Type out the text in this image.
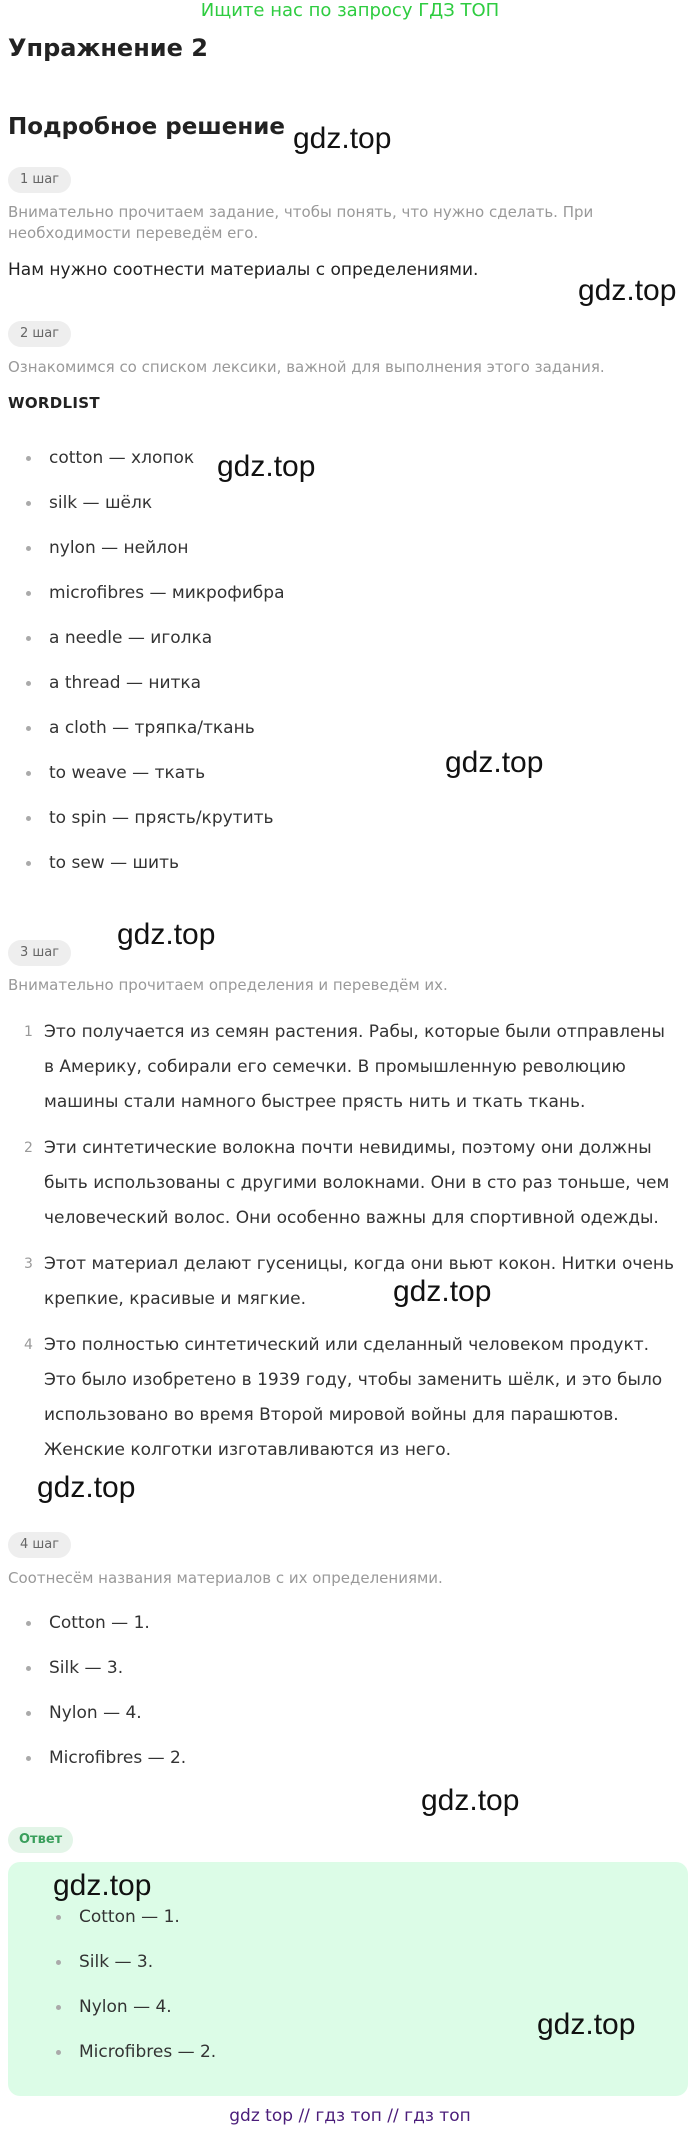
Ищите нас по запросу ГДЗ ТОП
Упражнение 2
Подробное решение
1 шаг
Внимательно прочитаем задание, чтобы понять, что нужно сделать. При необходимости переведём его.
Нам нужно соотнести материалы с определениями.
2 шаг
Ознакомимся со списком лексики, важной для выполнения этого задания.
WORDLIST
cotton — хлопок
silk — шёлк
nylon — нейлон
microfibres — микрофибра
a needle — иголка
a thread — нитка
a cloth — тряпка/ткань
to weave — ткать
to spin — прясть/крутить
to sew — шить
3 шаг
Внимательно прочитаем определения и переведём их.
1 Это получается из семян растения. Рабы, которые были отправлены в Америку, собирали его семечки. В промышленную революцию машины стали намного быстрее прясть нить и ткать ткань.
2 Эти синтетические волокна почти невидимы, поэтому они должны быть использованы с другими волокнами. Они в сто раз тоньше, чем человеческий волос. Они особенно важны для спортивной одежды.
3 Этот материал делают гусеницы, когда они вьют кокон. Нитки очень крепкие, красивые и мягкие.
4 Это полностью синтетический или сделанный человеком продукт. Это было изобретено в 1939 году, чтобы заменить шёлк, и это было использовано во время Второй мировой войны для парашютов. Женские колготки изготавливаются из него.
4 шаг
Соотнесём названия материалов с их определениями.
Cotton — 1.
Silk — 3.
Nylon — 4.
Microfibres — 2.
Ответ
Cotton — 1.
Silk — 3.
Nylon — 4.
Microfibres — 2.
gdz.top
gdz.top
gdz.top
gdz.top
gdz.top
gdz.top
gdz.top
gdz.top
gdz.top
gdz.top
gdz top // гдз топ // гдз топ
